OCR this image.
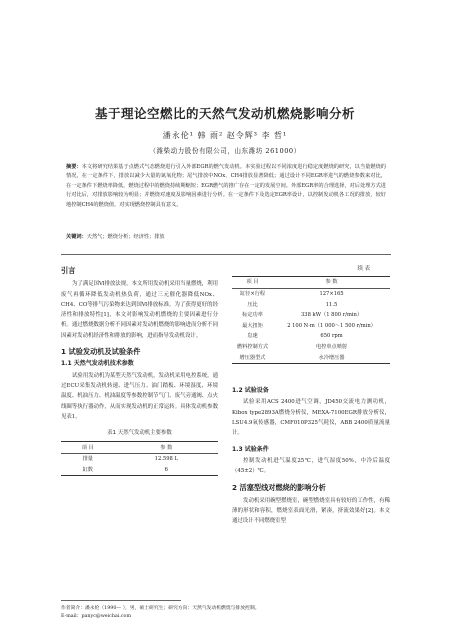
基于理论空燃比的天然气发动机燃烧影响分析
潘永伦¹ 韩 雨² 赵令辉³ 李 哲¹
（潍柴动力股份有限公司，山东潍坊 261000）
摘要：本文将研究结果基于点燃式气态燃烧进行引入外部EGR的燃气发动机。本实验过程以不同浓度进行稳定度燃烧的研究，以当量燃烧的情况，在一定条件下，排放以减少大量的氮氧化物；尾气排放中NOx、CH4排放显著降低；通过设计不同EGR率进气的燃烧参数来对比，在一定条件下燃烧率降低，燃烧过程中的燃烧持续期缩短；EGR燃气的推广存在一定的发展空间。外部EGR率的合理选择，对后处理方式进行对比后，对排放影响较为明显；并燃烧对速度及影响因素进行分析。在一定条件下及选定EGR率设计，以控制发动机各工况的排放，较好地控制CH4的燃烧值，对实现燃烧控制具有意义。
关键词：天然气；燃烧分析；经济性；排放
引言

为了满足国Ⅵ排放法规，本文所用发动机采用当量燃烧，利用废气再循环降低发动机热负荷，通过三元催化器降低NOx、CH4、CO等排气污染物来达到国Ⅵ排放标准。为了获得更好的经济性和排放特性[1]，本文对影响发动机燃烧的主要因素进行分析。通过燃烧数据分析不同因素对发动机燃烧的影响进而分析不同因素对发动机经济性和排放的影响，进而指导发动机设计。

1 试验发动机及试验条件
1.1 天然气发动机技术参数

试验用发动机为某型天然气发动机，发动机采用电控系统，通过ECU采集发动机转速、进气压力、油门踏板、环境湿度、环境温度、机油压力、机油温度等参数控制节气门、废气旁通阀、点火线圈等执行器动作，从而实现发动机的正常运转。具体发动机参数见表1。

表1 天然气发动机主要参数
项 目	参 数
排量	12.598 L
缸数	6
续 表
项 目	参 数
缸径×行程	127×165
压比	11.5
标定功率	338 kW（1 800 r/min）
最大扭矩	2 100 N·m（1 000～1 500 r/min）
怠速	650 rpm
燃料控制方式	电控单点喷射
增压器型式	水冷增压器
1.2 试验设备

试验采用ACS 2400进气空调，JD450交流电力测功机，Kibox type2893A燃烧分析仪，MEXA-7100EGR排放分析仪，LSU4.9氧传感器，CMF010P325气耗仪，ABB 2400质量流量计。

1.3 试验条件

控制发动机进气温度25℃，进气湿度50%，中冷后温度（45±2）℃。

2 活塞型线对燃烧的影响分析

发动机采用碗型燃烧室，碗型燃烧室具有较好的工作性，有稀薄的形状和容积，燃烧室表面光滑，紧凑，挤流效果好[2]。本文通过设计不同燃烧室型

作者简介：潘永伦（1990— ），男，硕士研究生；研究方向：天然气发动机燃烧与排放控制。
E-mail：panyc@weichai.com
